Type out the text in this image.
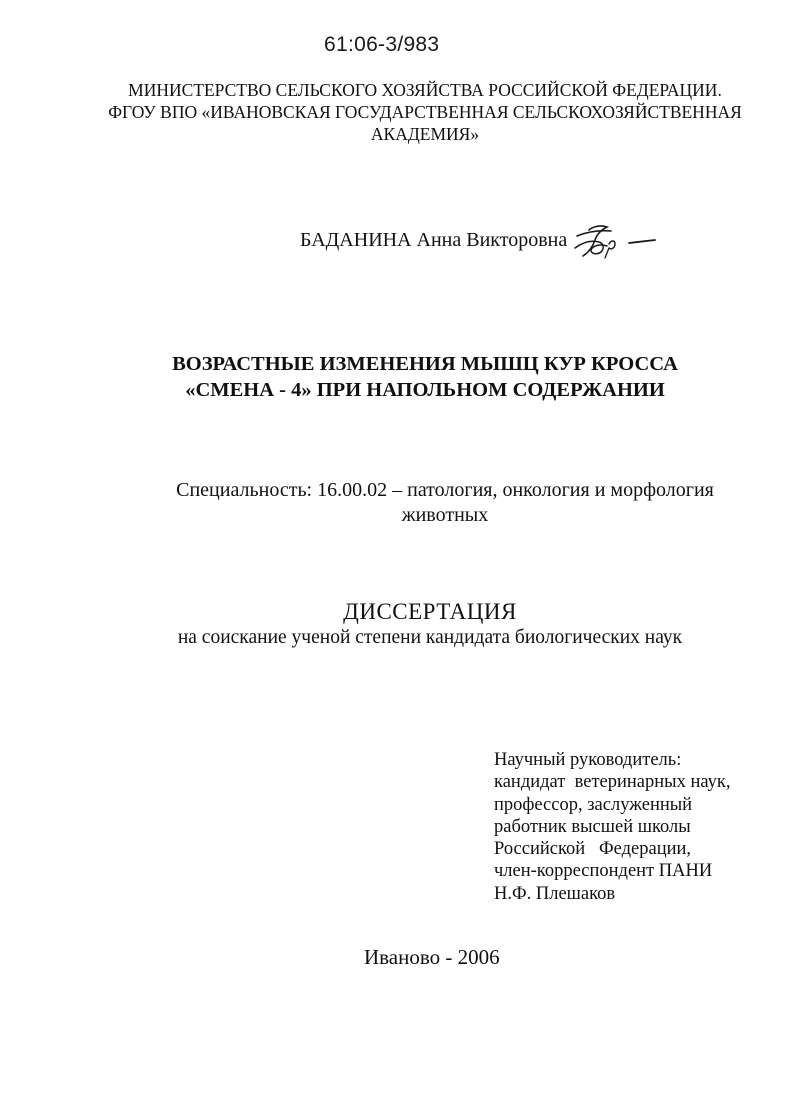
61:06-3/983
МИНИСТЕРСТВО СЕЛЬСКОГО ХОЗЯЙСТВА РОССИЙСКОЙ ФЕДЕРАЦИИ.
ФГОУ ВПО «ИВАНОВСКАЯ ГОСУДАРСТВЕННАЯ СЕЛЬСКОХОЗЯЙСТВЕННАЯ
АКАДЕМИЯ»
БАДАНИНА Анна Викторовна
ВОЗРАСТНЫЕ ИЗМЕНЕНИЯ МЫШЦ КУР КРОССА
«СМЕНА - 4» ПРИ НАПОЛЬНОМ СОДЕРЖАНИИ
Специальность: 16.00.02 – патология, онкология и морфология
животных
ДИССЕРТАЦИЯ
на соискание ученой степени кандидата биологических наук
Научный руководитель:
кандидат  ветеринарных наук,
профессор, заслуженный
работник высшей школы
Российской   Федерации,
член-корреспондент ПАНИ
Н.Ф. Плешаков
Иваново - 2006
